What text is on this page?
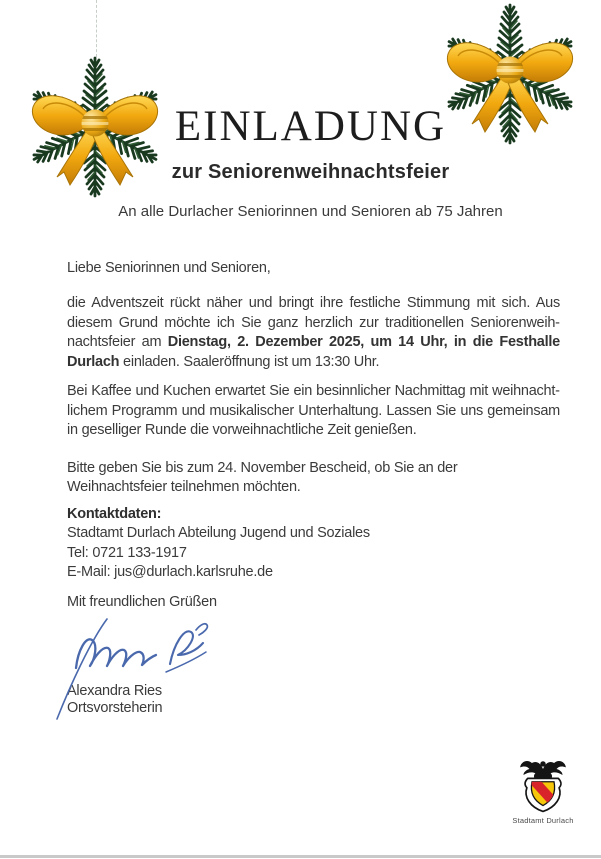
EINLADUNG
zur Seniorenweihnachtsfeier
An alle Durlacher Seniorinnen und Senioren ab 75 Jahren

Liebe Seniorinnen und Senioren,

die Adventszeit rückt näher und bringt ihre festliche Stimmung mit sich. Aus diesem Grund möchte ich Sie ganz herzlich zur traditionellen Seniorenweihnachtsfeier am Dienstag, 2. Dezember 2025, um 14 Uhr, in die Festhalle Durlach einladen. Saaleröffnung ist um 13:30 Uhr.

Bei Kaffee und Kuchen erwartet Sie ein besinnlicher Nachmittag mit weihnachtlichem Programm und musikalischer Unterhaltung. Lassen Sie uns gemeinsam in geselliger Runde die vorweihnachtliche Zeit genießen.

Bitte geben Sie bis zum 24. November Bescheid, ob Sie an der Weihnachtsfeier teilnehmen möchten.

Kontaktdaten:

Stadtamt Durlach Abteilung Jugend und Soziales

Tel: 0721 133-1917

E-Mail: jus@durlach.karlsruhe.de

Mit freundlichen Grüßen

Alexandra Ries
Ortsvorsteherin
Stadtamt Durlach
